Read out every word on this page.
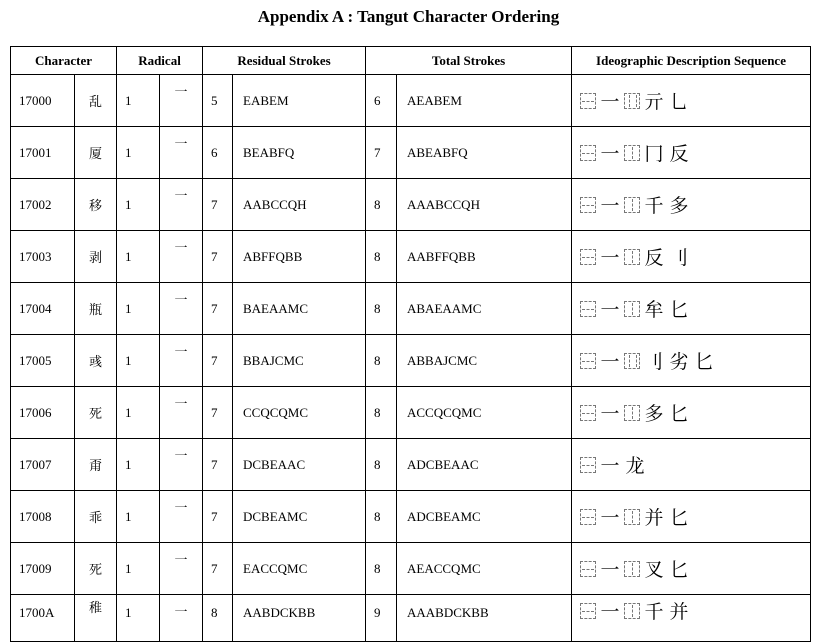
Appendix A : Tangut Character Ordering
Character		Radical		Residual Strokes		Total Strokes		Ideographic Description Sequence
17000	乱	1	一	5	EABEM	6	AEABEM	一 亓 乚

17001	厦	1	一	6	BEABFQ	7	ABEABFQ	一 冂 反

17002	移	1	一	7	AABCCQH	8	AAABCCQH	一 千 多

17003	剥	1	一	7	ABFFQBB	8	AABFFQBB	一 反 刂

17004	瓶	1	一	7	BAEAAMC	8	ABAEAAMC	一 牟 匕

17005	彧	1	一	7	BBAJCMC	8	ABBAJCMC	一 刂 劣 匕

17006	死	1	一	7	CCQCQMC	8	ACCQCQMC	一 多 匕

17007	甭	1	一	7	DCBEAAC	8	ADCBEAAC	一 龙

17008	乖	1	一	7	DCBEAMC	8	ADCBEAMC	一 并 匕

17009	死	1	一	7	EACCQMC	8	AEACCQMC	一 叉 匕

1700A	稚	1	一	8	AABDCKBB	9	AAABDCKBB	一 千 并
